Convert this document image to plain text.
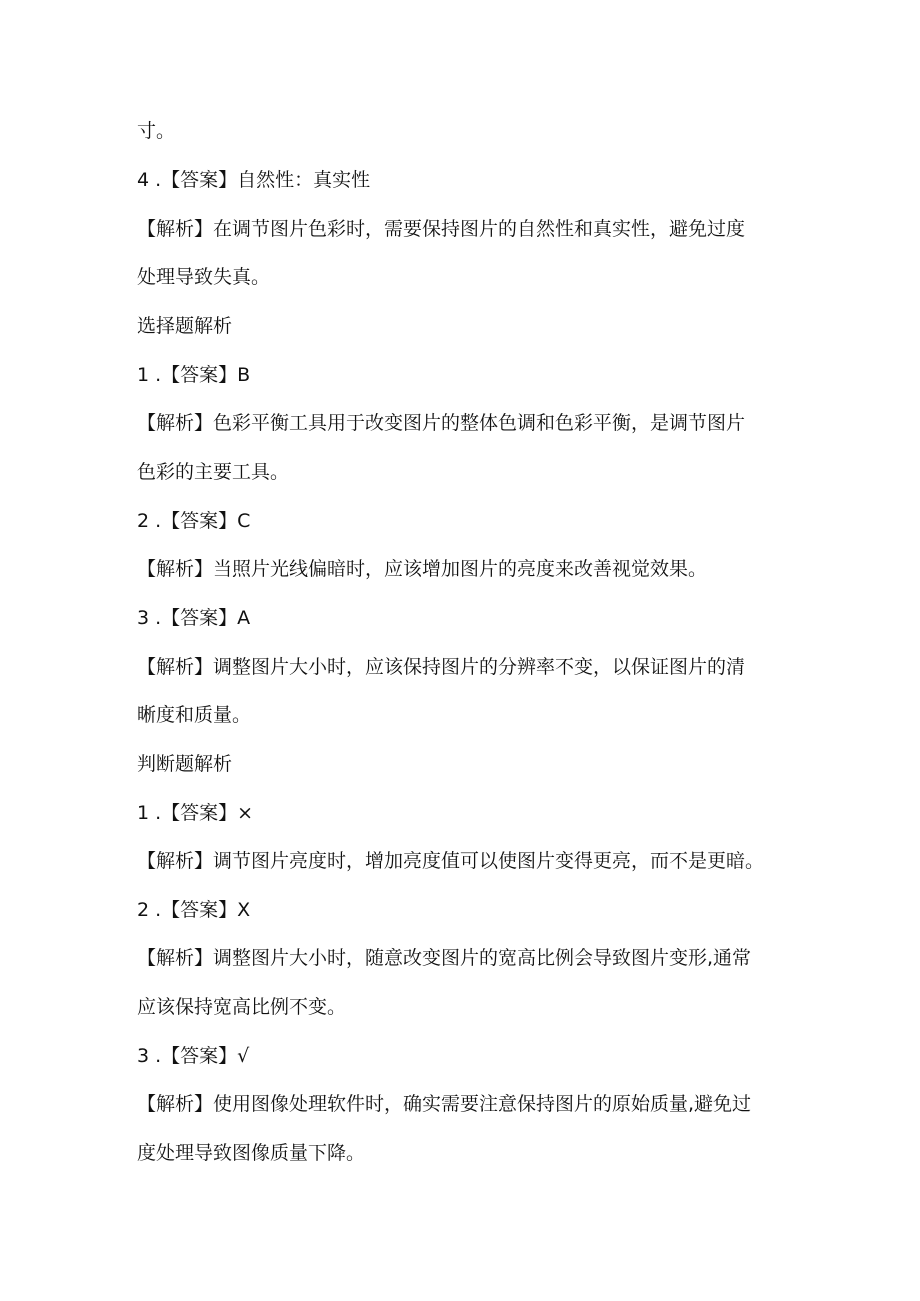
寸。
4 .【答案】自然性：真实性
【解析】在调节图片色彩时，需要保持图片的自然性和真实性，避免过度
处理导致失真。
选择题解析
1 .【答案】B
【解析】色彩平衡工具用于改变图片的整体色调和色彩平衡，是调节图片
色彩的主要工具。
2 .【答案】C
【解析】当照片光线偏暗时，应该增加图片的亮度来改善视觉效果。
3 .【答案】A
【解析】调整图片大小时，应该保持图片的分辨率不变，以保证图片的清
晰度和质量。
判断题解析
1 .【答案】×
【解析】调节图片亮度时，增加亮度值可以使图片变得更亮，而不是更暗。
2 .【答案】X
【解析】调整图片大小时，随意改变图片的宽高比例会导致图片变形,通常
应该保持宽高比例不变。
3 .【答案】√
【解析】使用图像处理软件时，确实需要注意保持图片的原始质量,避免过
度处理导致图像质量下降。
